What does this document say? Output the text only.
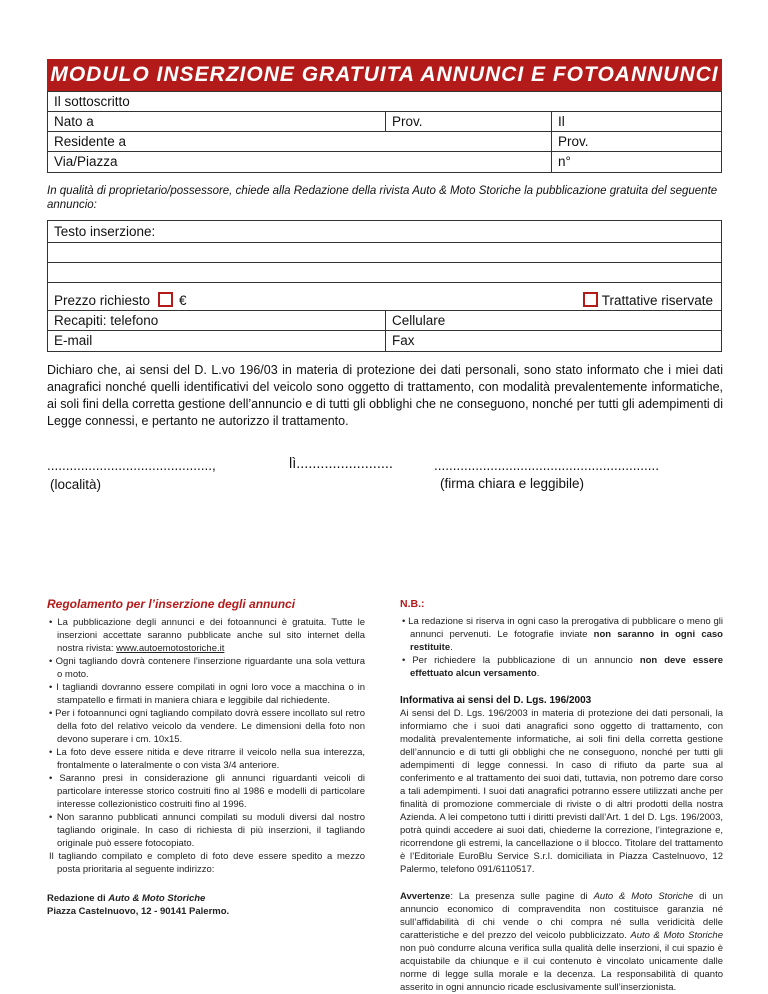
MODULO INSERZIONE GRATUITA ANNUNCI E FOTOANNUNCI
Il sottoscritto
Nato a	Prov.	Il
Residente a	Prov.
Via/Piazza	n°
In qualità di proprietario/possessore, chiede alla Redazione della rivista Auto & Moto Storiche la pubblicazione gratuita del seguente annuncio:
Testo inserzione:
Prezzo richiesto €	Trattative riservate
Recapiti: telefono	Cellulare
E-mail	Fax
Dichiaro che, ai sensi del D. L.vo 196/03 in materia di protezione dei dati personali, sono stato informato che i miei dati anagrafici nonché quelli identificativi del veicolo sono oggetto di trattamento, con modalità prevalentemente informatiche, ai soli fini della corretta gestione dell’annuncio e di tutti gli obblighi che ne conseguono, nonché per tutti gli adempimenti di Legge connessi, e pertanto ne autorizzo il trattamento.
............................................,	lì........................	............................................................
(località)	(firma chiara e leggibile)
Regolamento per l’inserzione degli annunci
• La pubblicazione degli annunci e dei fotoannunci è gratuita. Tutte le inserzioni accettate saranno pubblicate anche sul sito internet della nostra rivista: www.autoemotostoriche.it
• Ogni tagliando dovrà contenere l’inserzione riguardante una sola vettura o moto.
• I tagliandi dovranno essere compilati in ogni loro voce a macchina o in stampatello e firmati in maniera chiara e leggibile dal richiedente.
• Per i fotoannunci ogni tagliando compilato dovrà essere incollato sul retro della foto del relativo veicolo da vendere. Le dimensioni della foto non devono superare i cm. 10x15.
• La foto deve essere nitida e deve ritrarre il veicolo nella sua interezza, frontalmente o lateralmente o con vista 3/4 anteriore.
• Saranno presi in considerazione gli annunci riguardanti veicoli di particolare interesse storico costruiti fino al 1986 e modelli di particolare interesse collezionistico costruiti fino al 1996.
• Non saranno pubblicati annunci compilati su moduli diversi dal nostro tagliando originale. In caso di richiesta di più inserzioni, il tagliando originale può essere fotocopiato.
Il tagliando compilato e completo di foto deve essere spedito a mezzo posta prioritaria al seguente indirizzo:
Redazione di Auto & Moto Storiche
Piazza Castelnuovo, 12 - 90141 Palermo.
N.B.:
• La redazione si riserva in ogni caso la prerogativa di pubblicare o meno gli annunci pervenuti. Le fotografie inviate non saranno in ogni caso restituite.
• Per richiedere la pubblicazione di un annuncio non deve essere effettuato alcun versamento.
Informativa ai sensi del D. Lgs. 196/2003
Ai sensi del D. Lgs. 196/2003 in materia di protezione dei dati personali, la informiamo che i suoi dati anagrafici sono oggetto di trattamento, con modalità prevalentemente informatiche, ai soli fini della corretta gestione dell’annuncio e di tutti gli obblighi che ne conseguono, nonché per tutti gli adempimenti di legge connessi. In caso di rifiuto da parte sua al conferimento e al trattamento dei suoi dati, tuttavia, non potremo dare corso a tali adempimenti. I suoi dati anagrafici potranno essere utilizzati anche per finalità di promozione commerciale di riviste o di altri prodotti della nostra Azienda. A lei competono tutti i diritti previsti dall’Art. 1 del D. Lgs. 196/2003, potrà quindi accedere ai suoi dati, chiederne la correzione, l’integrazione e, ricorrendone gli estremi, la cancellazione o il blocco. Titolare del trattamento è l’Editoriale EuroBlu Service S.r.l. domiciliata in Piazza Castelnuovo, 12 Palermo, telefono 091/6110517.
Avvertenze: La presenza sulle pagine di Auto & Moto Storiche di un annuncio economico di compravendita non costituisce garanzia né sull’affidabilità di chi vende o chi compra né sulla veridicità delle caratteristiche e del prezzo del veicolo pubblicizzato. Auto & Moto Storiche non può condurre alcuna verifica sulla qualità delle inserzioni, il cui spazio è acquistabile da chiunque e il cui contenuto è vincolato unicamente dalle norme di legge sulla morale e la decenza. La responsabilità di quanto asserito in ogni annuncio ricade esclusivamente sull’inserzionista.
